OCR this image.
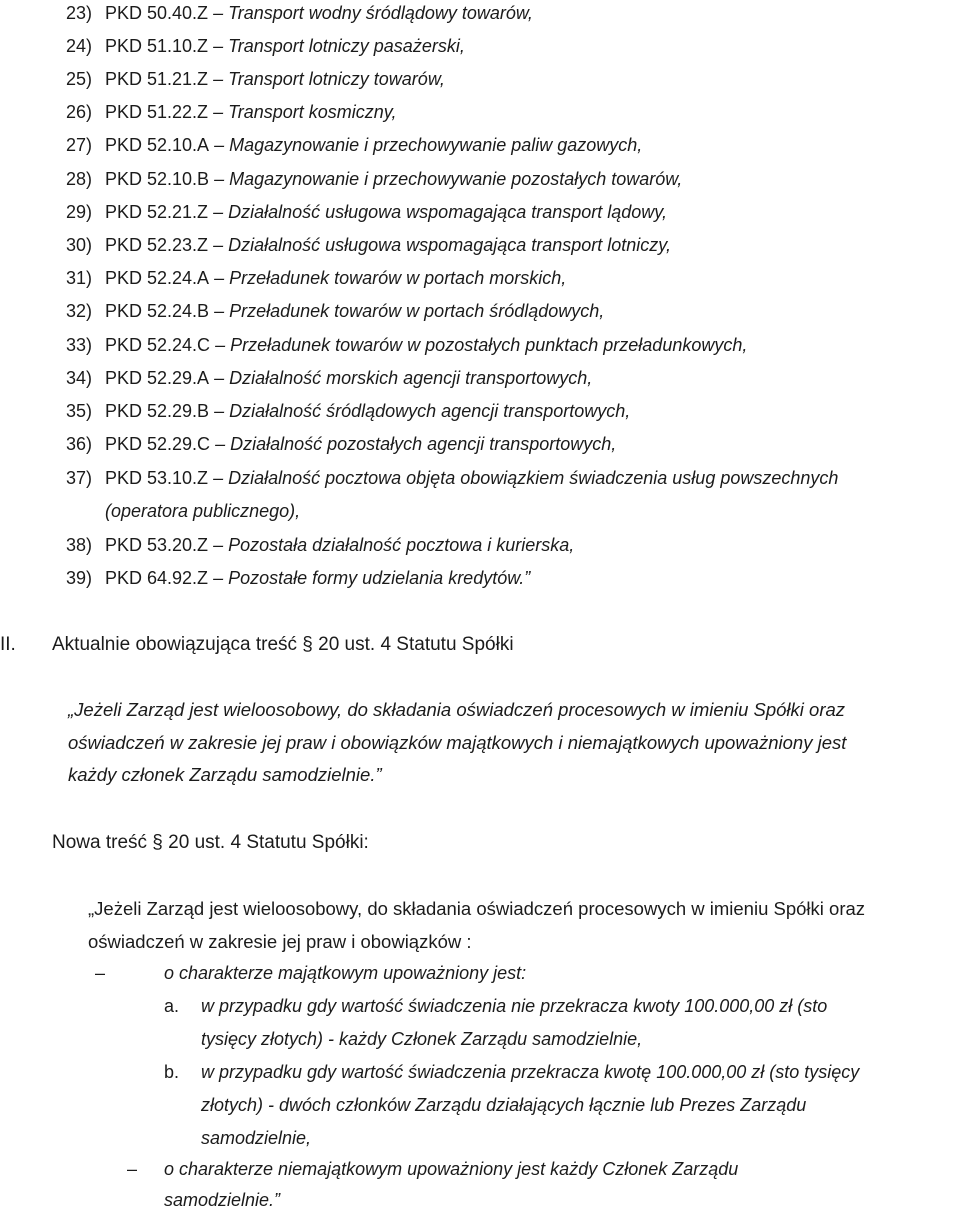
23) PKD 50.40.Z – Transport wodny śródlądowy towarów,
24) PKD 51.10.Z – Transport lotniczy pasażerski,
25) PKD 51.21.Z – Transport lotniczy towarów,
26) PKD 51.22.Z – Transport kosmiczny,
27) PKD 52.10.A – Magazynowanie i przechowywanie paliw gazowych,
28) PKD 52.10.B – Magazynowanie i przechowywanie pozostałych towarów,
29) PKD 52.21.Z – Działalność usługowa wspomagająca transport lądowy,
30) PKD 52.23.Z – Działalność usługowa wspomagająca transport lotniczy,
31) PKD 52.24.A – Przeładunek towarów w portach morskich,
32) PKD 52.24.B – Przeładunek towarów w portach śródlądowych,
33) PKD 52.24.C – Przeładunek towarów w pozostałych punktach przeładunkowych,
34) PKD 52.29.A – Działalność morskich agencji transportowych,
35) PKD 52.29.B – Działalność śródlądowych agencji transportowych,
36) PKD 52.29.C – Działalność pozostałych agencji transportowych,
37) PKD 53.10.Z – Działalność pocztowa objęta obowiązkiem świadczenia usług powszechnych
(operatora publicznego),
38) PKD 53.20.Z – Pozostała działalność pocztowa i kurierska,
39) PKD 64.92.Z – Pozostałe formy udzielania kredytów.”
II. Aktualnie obowiązująca treść § 20 ust. 4 Statutu Spółki
„Jeżeli Zarząd jest wieloosobowy, do składania oświadczeń procesowych w imieniu Spółki oraz
oświadczeń w zakresie jej praw i obowiązków majątkowych i niemajątkowych upoważniony jest
każdy członek Zarządu samodzielnie.”
Nowa treść § 20 ust. 4 Statutu Spółki:
„Jeżeli Zarząd jest wieloosobowy, do składania oświadczeń procesowych w imieniu Spółki oraz
oświadczeń w zakresie jej praw i obowiązków :
–	o charakterze majątkowym upoważniony jest:
a. w przypadku gdy wartość świadczenia nie przekracza kwoty 100.000,00 zł (sto
tysięcy złotych) - każdy Członek Zarządu samodzielnie,
b. w przypadku gdy wartość świadczenia przekracza kwotę 100.000,00 zł (sto tysięcy
złotych) - dwóch członków Zarządu działających łącznie lub Prezes Zarządu
samodzielnie,
– o charakterze niemajątkowym upoważniony jest każdy Członek Zarządu
samodzielnie.”
